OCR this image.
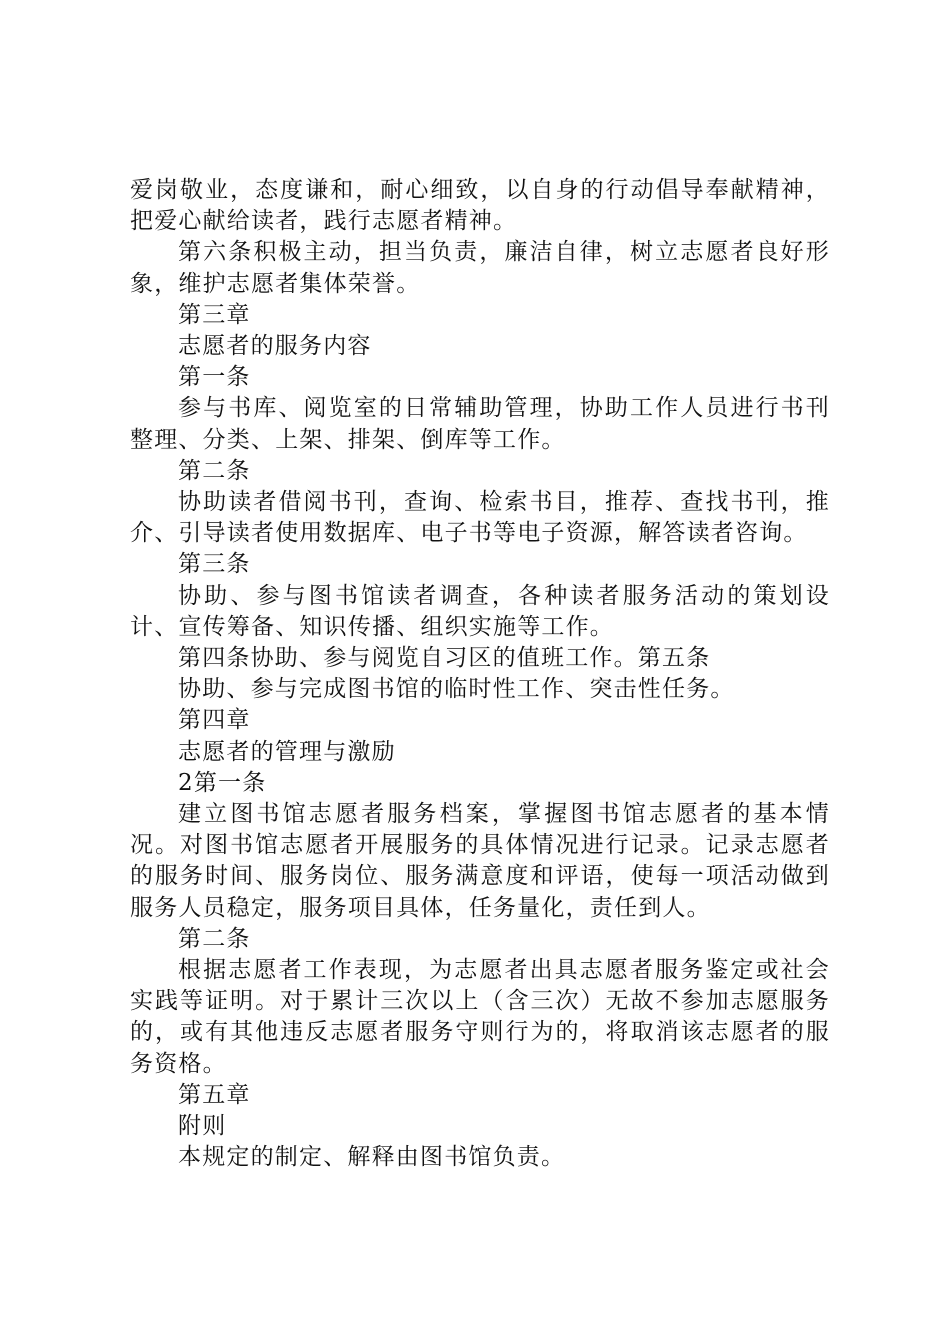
爱岗敬业，态度谦和，耐心细致，以自身的行动倡导奉献精神，把爱心献给读者，践行志愿者精神。

第六条积极主动，担当负责，廉洁自律，树立志愿者良好形象，维护志愿者集体荣誉。

第三章

志愿者的服务内容

第一条

参与书库、阅览室的日常辅助管理，协助工作人员进行书刊整理、分类、上架、排架、倒库等工作。

第二条

协助读者借阅书刊，查询、检索书目，推荐、查找书刊，推介、引导读者使用数据库、电子书等电子资源，解答读者咨询。

第三条

协助、参与图书馆读者调查，各种读者服务活动的策划设计、宣传筹备、知识传播、组织实施等工作。

第四条协助、参与阅览自习区的值班工作。第五条

协助、参与完成图书馆的临时性工作、突击性任务。

第四章

志愿者的管理与激励

2第一条

建立图书馆志愿者服务档案，掌握图书馆志愿者的基本情况。对图书馆志愿者开展服务的具体情况进行记录。记录志愿者的服务时间、服务岗位、服务满意度和评语，使每一项活动做到服务人员稳定，服务项目具体，任务量化，责任到人。

第二条

根据志愿者工作表现，为志愿者出具志愿者服务鉴定或社会实践等证明。对于累计三次以上（含三次）无故不参加志愿服务的，或有其他违反志愿者服务守则行为的，将取消该志愿者的服务资格。

第五章

附则

本规定的制定、解释由图书馆负责。
